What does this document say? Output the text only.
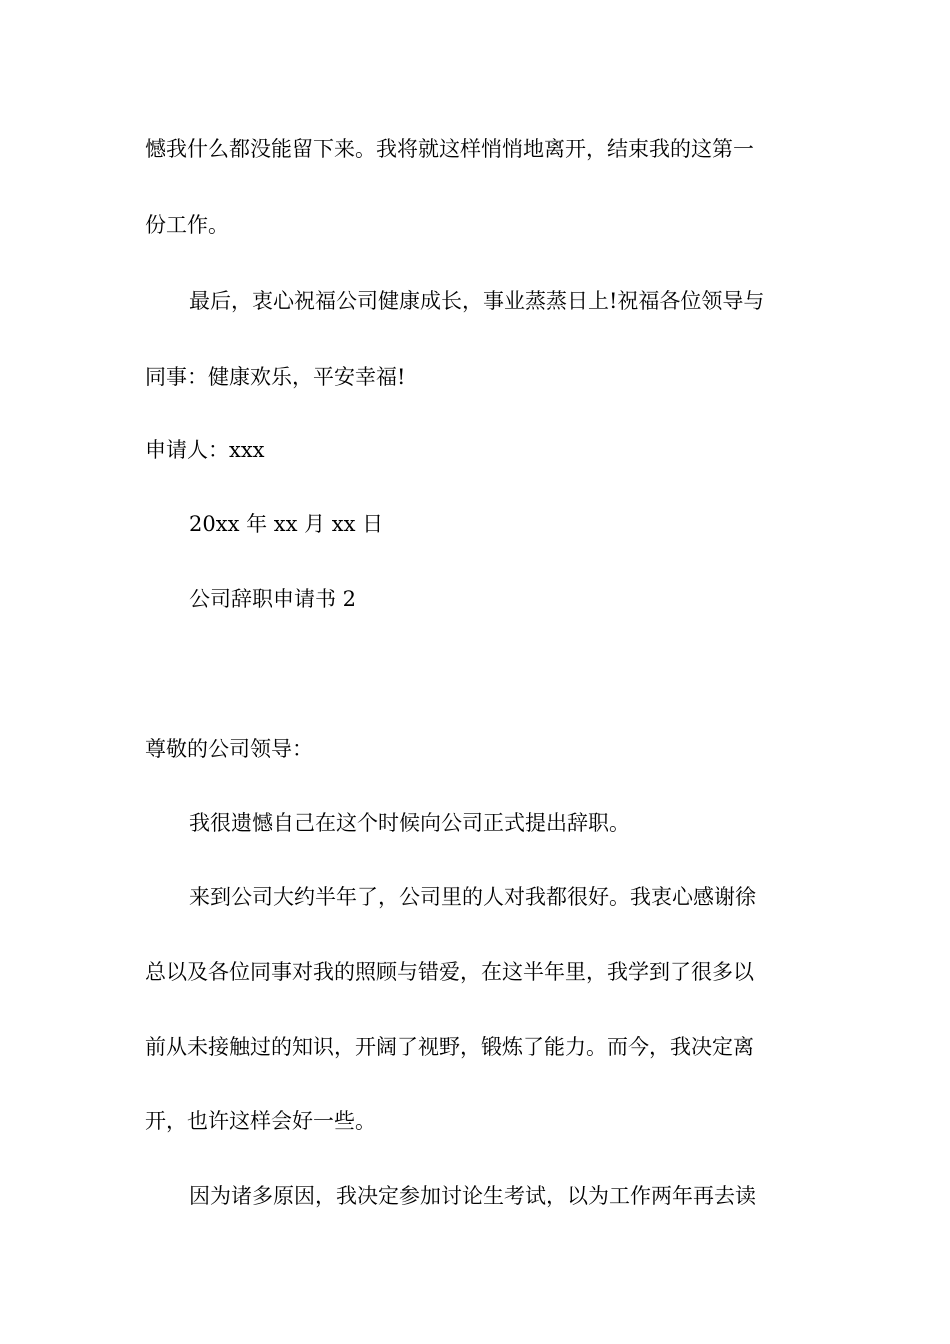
憾我什么都没能留下来。我将就这样悄悄地离开，结束我的这第一
份工作。
最后，衷心祝福公司健康成长，事业蒸蒸日上!祝福各位领导与
同事：健康欢乐，平安幸福!
申请人：xxx
20xx 年 xx 月 xx 日
公司辞职申请书 2
尊敬的公司领导：
我很遗憾自己在这个时候向公司正式提出辞职。
来到公司大约半年了，公司里的人对我都很好。我衷心感谢徐
总以及各位同事对我的照顾与错爱，在这半年里，我学到了很多以
前从未接触过的知识，开阔了视野，锻炼了能力。而今，我决定离
开，也许这样会好一些。
因为诸多原因，我决定参加讨论生考试，以为工作两年再去读
